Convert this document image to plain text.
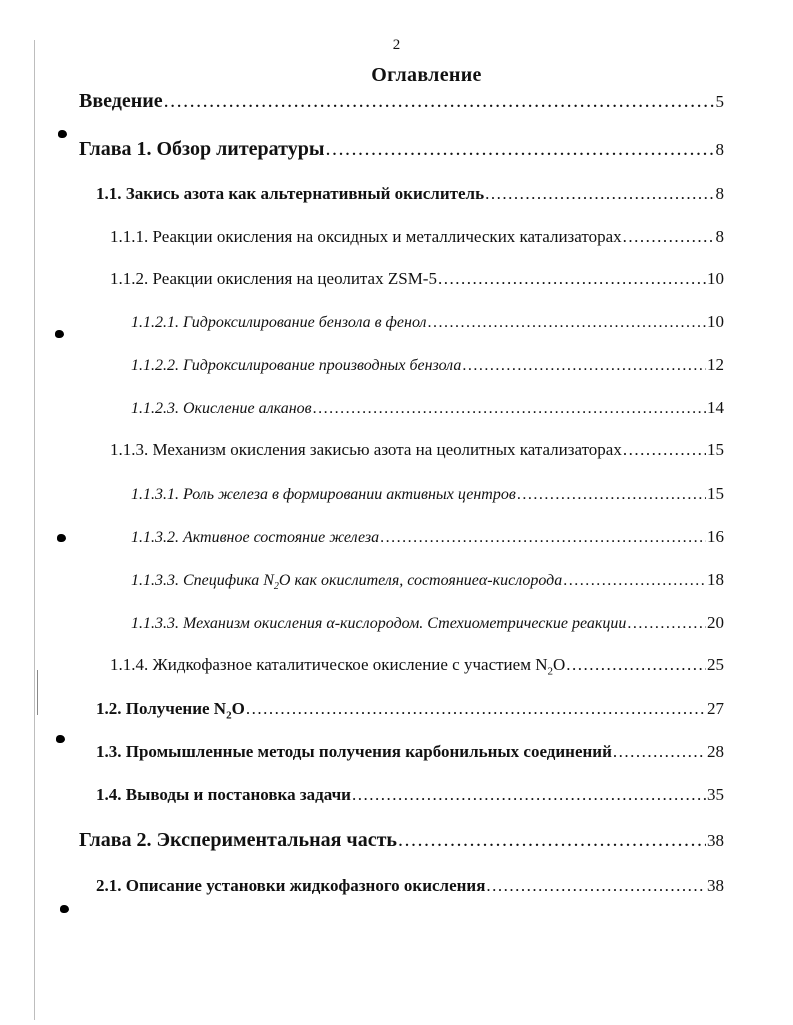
2
Оглавление
Введение .....	5
Глава 1. Обзор литературы .....	8
1.1. Закись азота как альтернативный окислитель .....	8
1.1.1. Реакции окисления на оксидных и металлических катализаторах .....	8
1.1.2. Реакции окисления на цеолитах ZSM-5 .....	10
1.1.2.1. Гидроксилирование бензола в фенол .....	10
1.1.2.2. Гидроксилирование производных бензола .....	12
1.1.2.3. Окисление алканов .....	14
1.1.3. Механизм окисления закисью азота на цеолитных катализаторах .....	15
1.1.3.1. Роль железа в формировании активных центров .....	15
1.1.3.2. Активное состояние железа .....	16
1.1.3.3. Специфика $N_2O$ как окислителя, состояниеα-кислорода .....	18
1.1.3.3. Механизм окисления α-кислородом. Стехиометрические реакции .....	20
1.1.4. Жидкофазное каталитическое окисление с участием $N_2O$ .....	25
1.2. Получение $N_2O$ .....	27
1.3. Промышленные методы получения карбонильных соединений .....	28
1.4. Выводы и постановка задачи .....	35
Глава 2. Экспериментальная часть .....	38
2.1. Описание установки жидкофазного окисления .....	38
